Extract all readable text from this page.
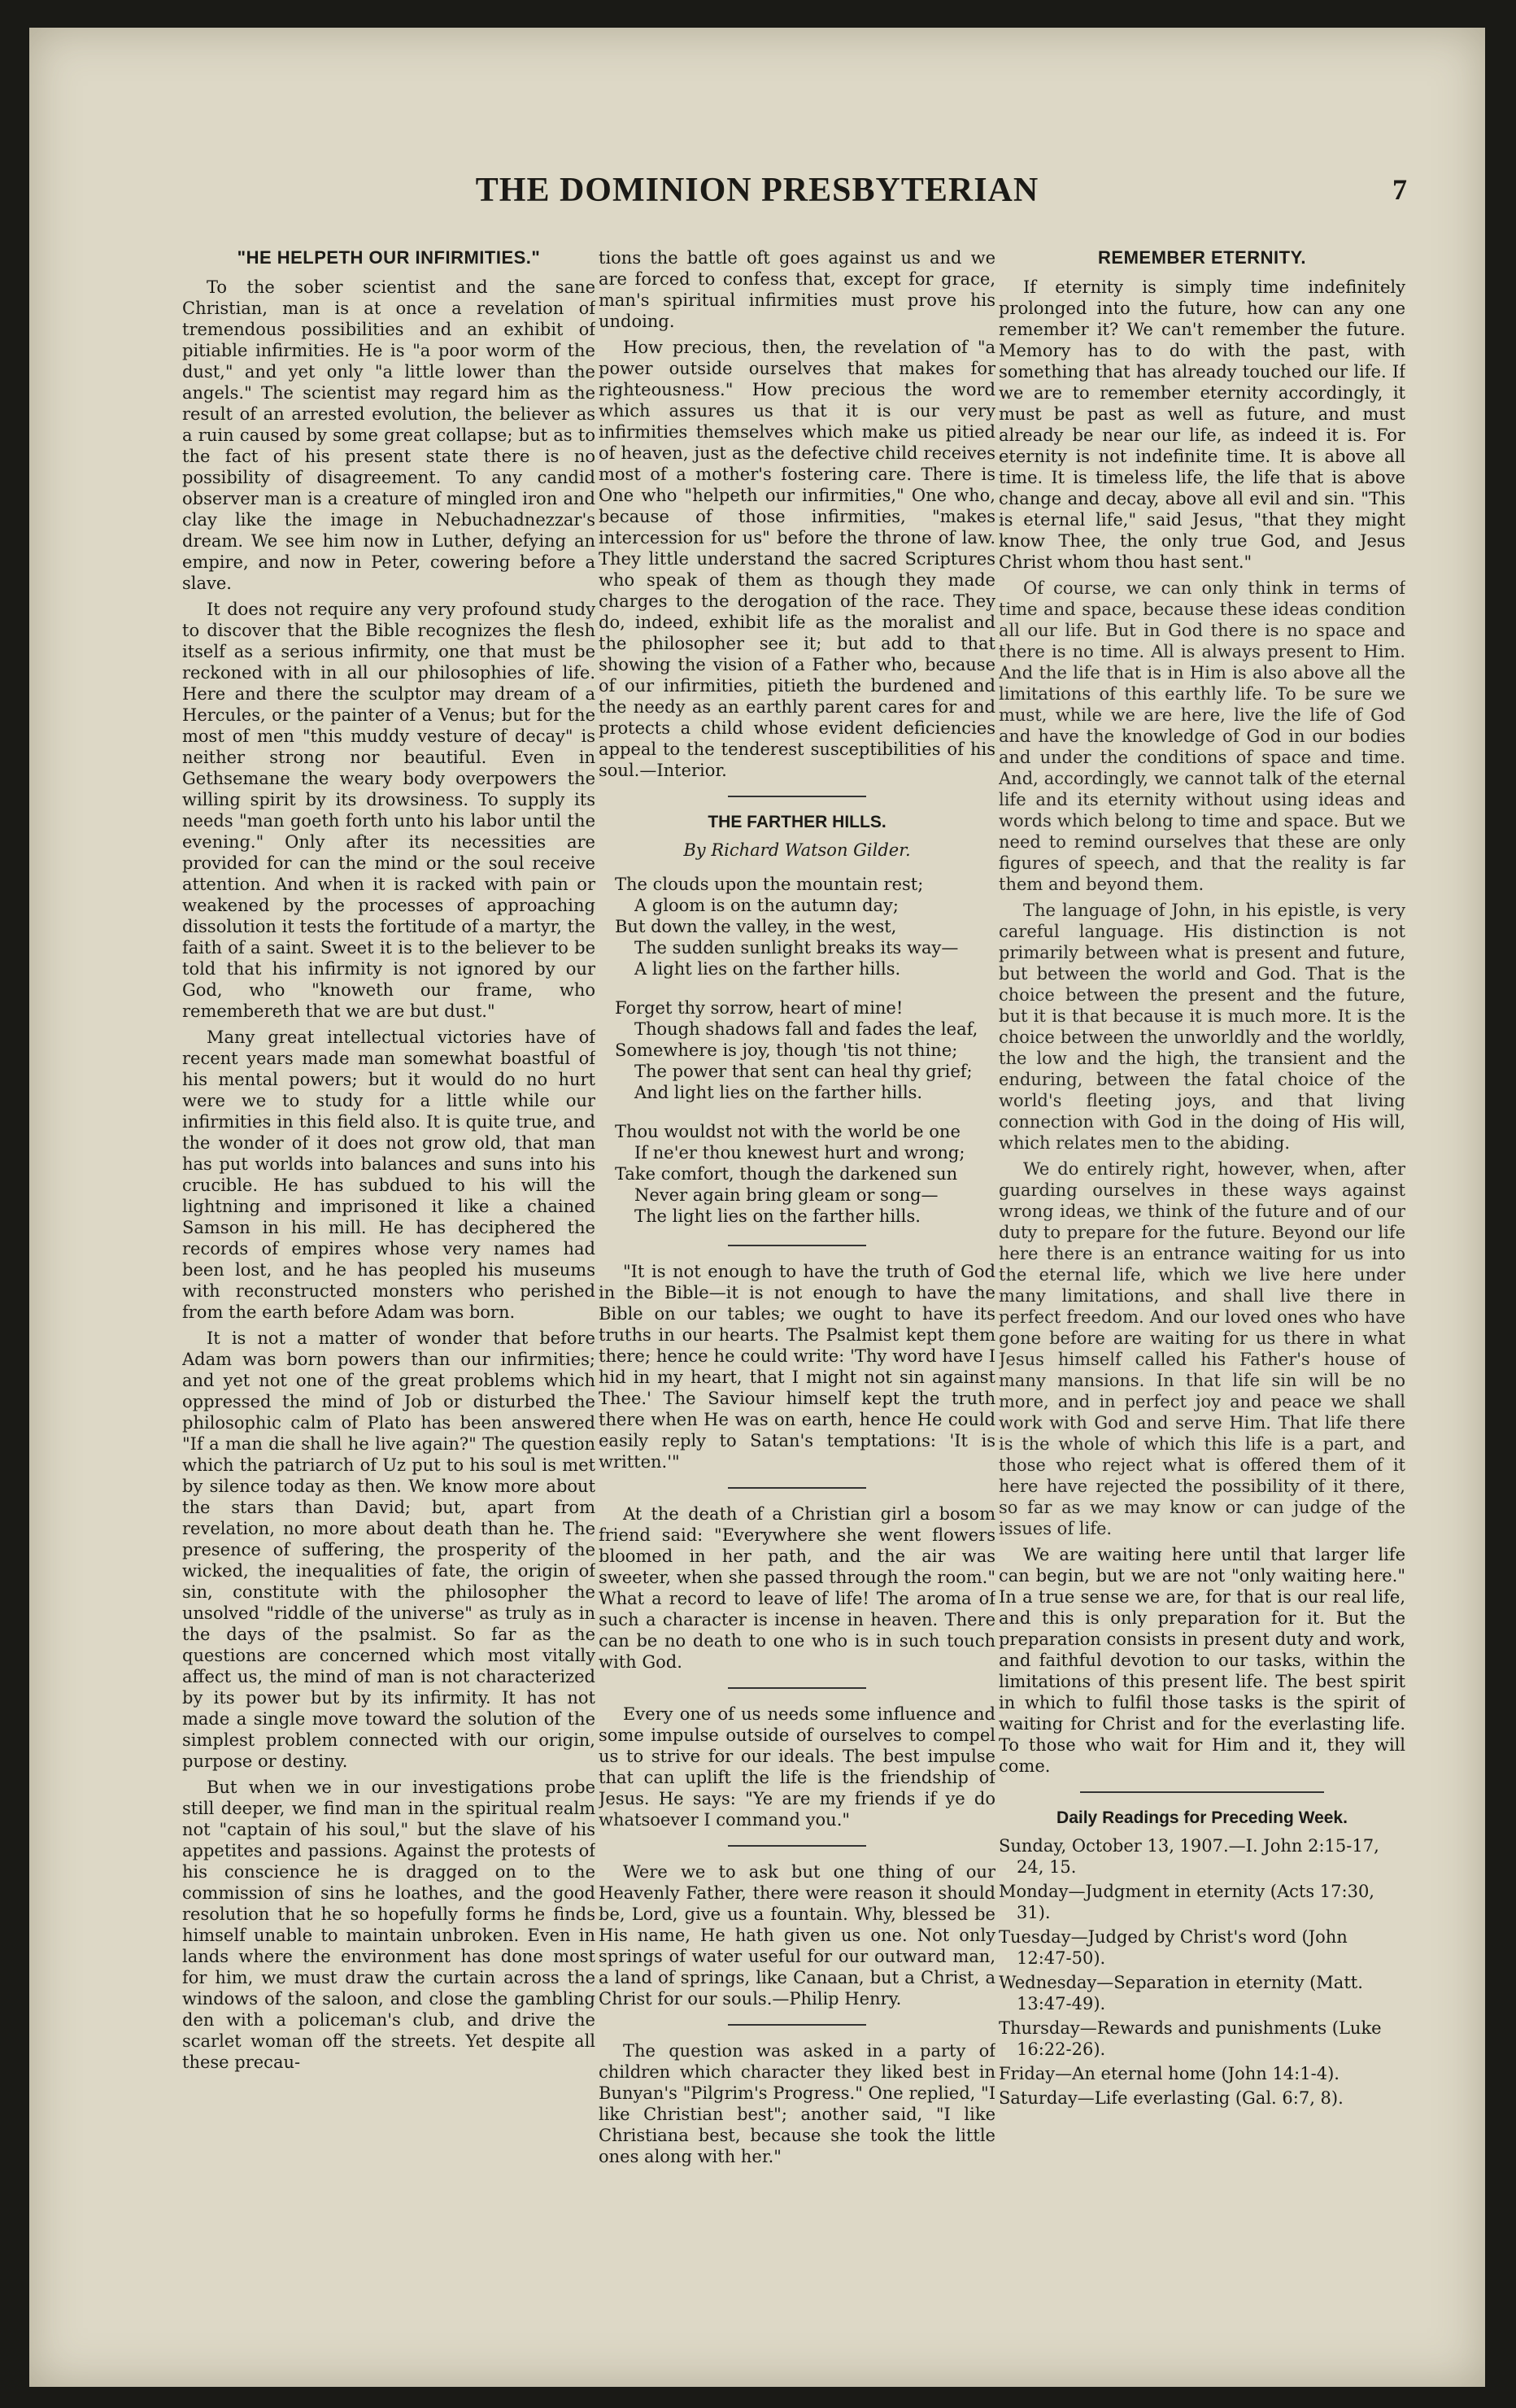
THE DOMINION PRESBYTERIAN	7
"HE HELPETH OUR INFIRMITIES."

To the sober scientist and the sane Christian, man is at once a revelation of tremendous possibilities and an exhibit of pitiable infirmities. He is "a poor worm of the dust," and yet only "a little lower than the angels." The scientist may regard him as the result of an arrested evolution, the believer as a ruin caused by some great collapse; but as to the fact of his present state there is no possibility of disagreement. To any candid observer man is a creature of mingled iron and clay like the image in Nebuchadnezzar's dream. We see him now in Luther, defying an empire, and now in Peter, cowering before a slave.

It does not require any very profound study to discover that the Bible recognizes the flesh itself as a serious infirmity, one that must be reckoned with in all our philosophies of life. Here and there the sculptor may dream of a Hercules, or the painter of a Venus; but for the most of men "this muddy vesture of decay" is neither strong nor beautiful. Even in Gethsemane the weary body overpowers the willing spirit by its drowsiness. To supply its needs "man goeth forth unto his labor until the evening." Only after its necessities are provided for can the mind or the soul receive attention. And when it is racked with pain or weakened by the processes of approaching dissolution it tests the fortitude of a martyr, the faith of a saint. Sweet it is to the believer to be told that his infirmity is not ignored by our God, who "knoweth our frame, who remembereth that we are but dust."

Many great intellectual victories have of recent years made man somewhat boastful of his mental powers; but it would do no hurt were we to study for a little while our infirmities in this field also. It is quite true, and the wonder of it does not grow old, that man has put worlds into balances and suns into his crucible. He has subdued to his will the lightning and imprisoned it like a chained Samson in his mill. He has deciphered the records of empires whose very names had been lost, and he has peopled his museums with reconstructed monsters who perished from the earth before Adam was born.

It is not a matter of wonder that before Adam was born powers than our infirmities; and yet not one of the great problems which oppressed the mind of Job or disturbed the philosophic calm of Plato has been answered "If a man die shall he live again?" The question which the patriarch of Uz put to his soul is met by silence today as then. We know more about the stars than David; but, apart from revelation, no more about death than he. The presence of suffering, the prosperity of the wicked, the inequalities of fate, the origin of sin, constitute with the philosopher the unsolved "riddle of the universe" as truly as in the days of the psalmist. So far as the questions are concerned which most vitally affect us, the mind of man is not characterized by its power but by its infirmity. It has not made a single move toward the solution of the simplest problem connected with our origin, purpose or destiny.

But when we in our investigations probe still deeper, we find man in the spiritual realm not "captain of his soul," but the slave of his appetites and passions. Against the protests of his conscience he is dragged on to the commission of sins he loathes, and the good resolution that he so hopefully forms he finds himself unable to maintain unbroken. Even in lands where the environment has done most for him, we must draw the curtain across the windows of the saloon, and close the gambling den with a policeman's club, and drive the scarlet woman off the streets. Yet despite all these precau-

tions the battle oft goes against us and we are forced to confess that, except for grace, man's spiritual infirmities must prove his undoing.

How precious, then, the revelation of "a power outside ourselves that makes for righteousness." How precious the word which assures us that it is our very infirmities themselves which make us pitied of heaven, just as the defective child receives most of a mother's fostering care. There is One who "helpeth our infirmities," One who, because of those infirmities, "makes intercession for us" before the throne of law. They little understand the sacred Scriptures who speak of them as though they made charges to the derogation of the race. They do, indeed, exhibit life as the moralist and the philosopher see it; but add to that showing the vision of a Father who, because of our infirmities, pitieth the burdened and the needy as an earthly parent cares for and protects a child whose evident deficiencies appeal to the tenderest susceptibilities of his soul.—Interior.

THE FARTHER HILLS.
By Richard Watson Gilder.
The clouds upon the mountain rest;
A gloom is on the autumn day;
But down the valley, in the west,
The sudden sunlight breaks its way—
A light lies on the farther hills.
Forget thy sorrow, heart of mine!
Though shadows fall and fades the leaf,
Somewhere is joy, though 'tis not thine;
The power that sent can heal thy grief;
And light lies on the farther hills.
Thou wouldst not with the world be one
If ne'er thou knewest hurt and wrong;
Take comfort, though the darkened sun
Never again bring gleam or song—
The light lies on the farther hills.

"It is not enough to have the truth of God in the Bible—it is not enough to have the Bible on our tables; we ought to have its truths in our hearts. The Psalmist kept them there; hence he could write: 'Thy word have I hid in my heart, that I might not sin against Thee.' The Saviour himself kept the truth there when He was on earth, hence He could easily reply to Satan's temptations: 'It is written.'"

At the death of a Christian girl a bosom friend said: "Everywhere she went flowers bloomed in her path, and the air was sweeter, when she passed through the room." What a record to leave of life! The aroma of such a character is incense in heaven. There can be no death to one who is in such touch with God.

Every one of us needs some influence and some impulse outside of ourselves to compel us to strive for our ideals. The best impulse that can uplift the life is the friendship of Jesus. He says: "Ye are my friends if ye do whatsoever I command you."

Were we to ask but one thing of our Heavenly Father, there were reason it should be, Lord, give us a fountain. Why, blessed be His name, He hath given us one. Not only springs of water useful for our outward man, a land of springs, like Canaan, but a Christ, a Christ for our souls.—Philip Henry.

The question was asked in a party of children which character they liked best in Bunyan's "Pilgrim's Progress." One replied, "I like Christian best"; another said, "I like Christiana best, because she took the little ones along with her."

REMEMBER ETERNITY.

If eternity is simply time indefinitely prolonged into the future, how can any one remember it? We can't remember the future. Memory has to do with the past, with something that has already touched our life. If we are to remember eternity accordingly, it must be past as well as future, and must already be near our life, as indeed it is. For eternity is not indefinite time. It is above all time. It is timeless life, the life that is above change and decay, above all evil and sin. "This is eternal life," said Jesus, "that they might know Thee, the only true God, and Jesus Christ whom thou hast sent."

Of course, we can only think in terms of time and space, because these ideas condition all our life. But in God there is no space and there is no time. All is always present to Him. And the life that is in Him is also above all the limitations of this earthly life. To be sure we must, while we are here, live the life of God and have the knowledge of God in our bodies and under the conditions of space and time. And, accordingly, we cannot talk of the eternal life and its eternity without using ideas and words which belong to time and space. But we need to remind ourselves that these are only figures of speech, and that the reality is far them and beyond them.

The language of John, in his epistle, is very careful language. His distinction is not primarily between what is present and future, but between the world and God. That is the choice between the present and the future, but it is that because it is much more. It is the choice between the unworldly and the worldly, the low and the high, the transient and the enduring, between the fatal choice of the world's fleeting joys, and that living connection with God in the doing of His will, which relates men to the abiding.

We do entirely right, however, when, after guarding ourselves in these ways against wrong ideas, we think of the future and of our duty to prepare for the future. Beyond our life here there is an entrance waiting for us into the eternal life, which we live here under many limitations, and shall live there in perfect freedom. And our loved ones who have gone before are waiting for us there in what Jesus himself called his Father's house of many mansions. In that life sin will be no more, and in perfect joy and peace we shall work with God and serve Him. That life there is the whole of which this life is a part, and those who reject what is offered them of it here have rejected the possibility of it there, so far as we may know or can judge of the issues of life.

We are waiting here until that larger life can begin, but we are not "only waiting here." In a true sense we are, for that is our real life, and this is only preparation for it. But the preparation consists in present duty and work, and faithful devotion to our tasks, within the limitations of this present life. The best spirit in which to fulfil those tasks is the spirit of waiting for Christ and for the everlasting life. To those who wait for Him and it, they will come.

Daily Readings for Preceding Week.
Sunday, October 13, 1907.—I. John 2:15-17, 24, 15.
Monday—Judgment in eternity (Acts 17:30, 31).
Tuesday—Judged by Christ's word (John 12:47-50).
Wednesday—Separation in eternity (Matt. 13:47-49).
Thursday—Rewards and punishments (Luke 16:22-26).
Friday—An eternal home (John 14:1-4).
Saturday—Life everlasting (Gal. 6:7, 8).
